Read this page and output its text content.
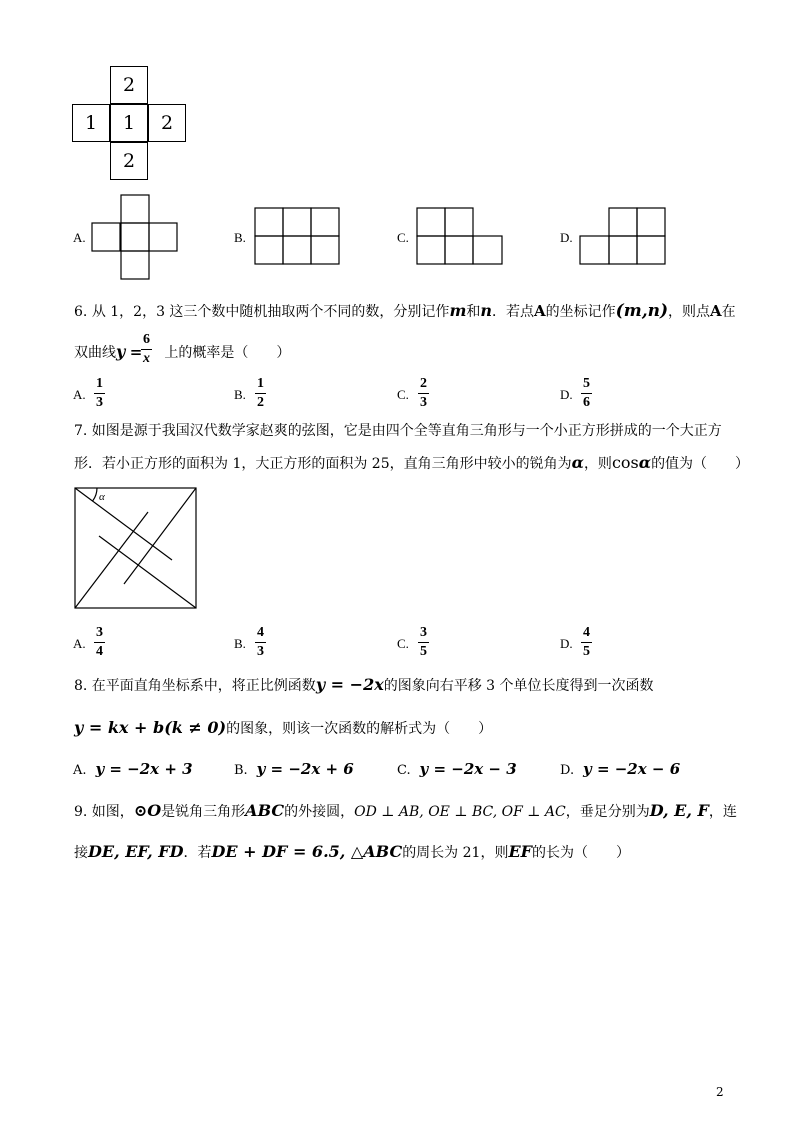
2
1	1	2
2
A.	B.	C.	D.
6. 从 1，2，3 这三个数中随机抽取两个不同的数，分别记作m和n．若点A的坐标记作(m,n)，则点A在
双曲线y = 上的概率是（　　）
6
x
A.
1
3
B.
1
2
C.
2
3
D.
5
6
7. 如图是源于我国汉代数学家赵爽的弦图，它是由四个全等直角三角形与一个小正方形拼成的一个大正方
形．若小正方形的面积为 1，大正方形的面积为 25，直角三角形中较小的锐角为α，则cosα的值为（　　）
α
A.
3
4
B.
4
3
C.
3
5
D.
4
5
8. 在平面直角坐标系中，将正比例函数y = −2x的图象向右平移 3 个单位长度得到一次函数
y = kx + b(k ≠ 0)的图象，则该一次函数的解析式为（　　）
A. y = −2x + 3	B. y = −2x + 6	C. y = −2x − 3	D. y = −2x − 6
9. 如图，⊙O是锐角三角形ABC的外接圆，OD ⊥ AB, OE ⊥ BC, OF ⊥ AC，垂足分别为D, E, F，连
接DE, EF, FD．若DE + DF = 6.5, △ABC的周长为 21，则EF的长为（　　）
2
